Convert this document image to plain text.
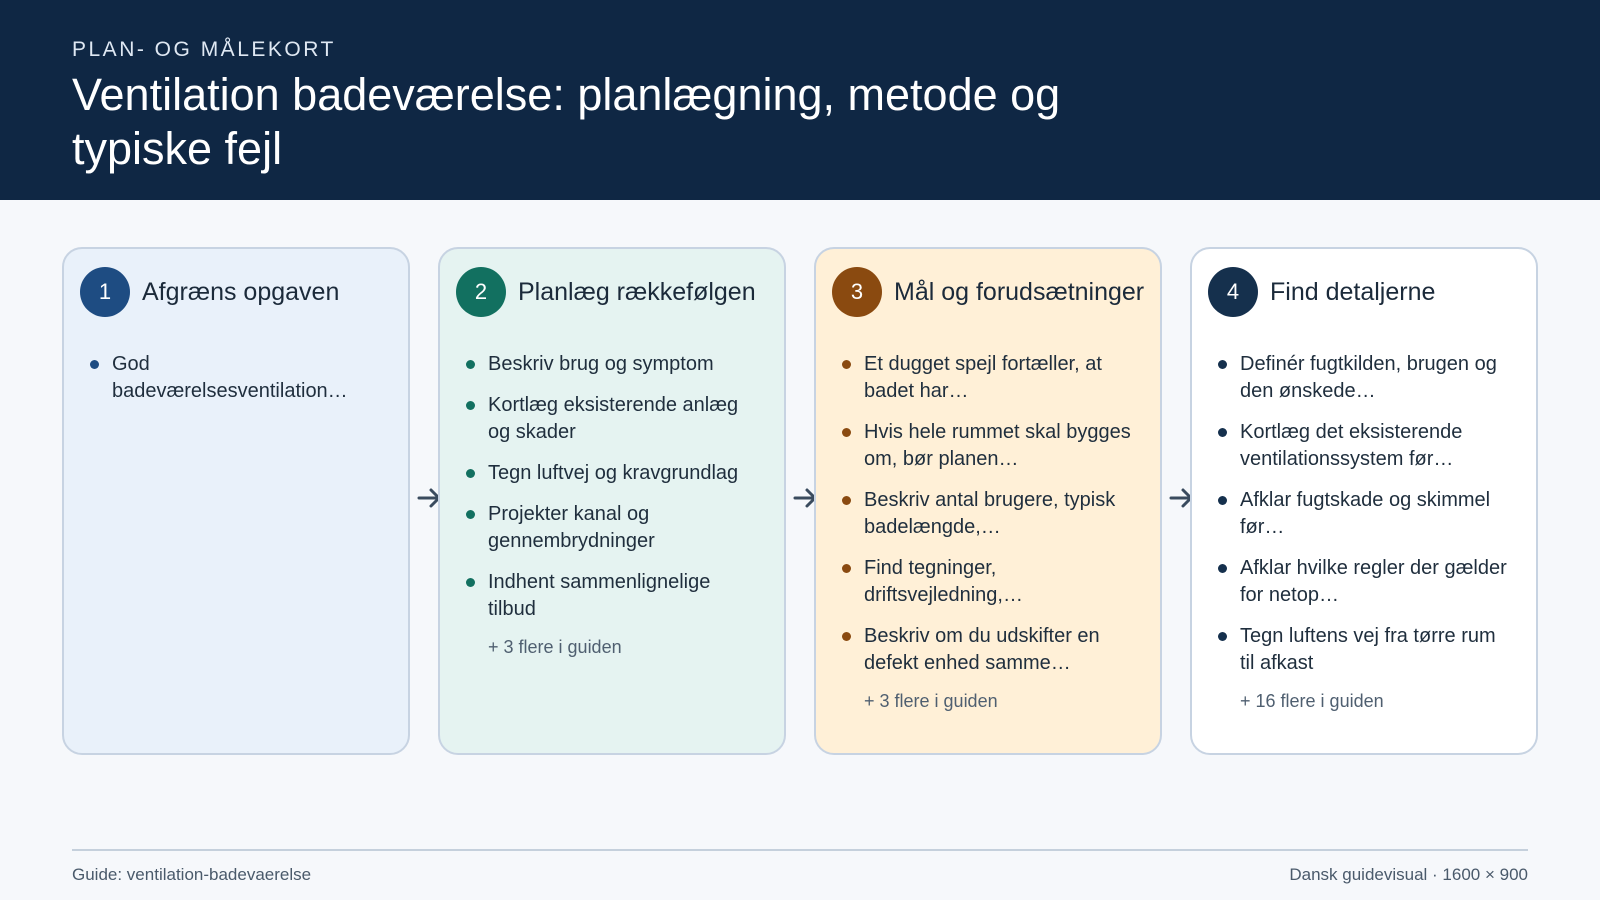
PLAN- OG MÅLEKORT
Ventilation badeværelse: planlægning, metode og typiske fejl
1	Afgræns opgaven
God badeværelsesventilation…
2	Planlæg rækkefølgen
Beskriv brug og symptom
Kortlæg eksisterende anlæg og skader
Tegn luftvej og kravgrundlag
Projekter kanal og gennembrydninger
Indhent sammenlignelige tilbud
+ 3 flere i guiden
3	Mål og forudsætninger
Et dugget spejl fortæller, at badet har…
Hvis hele rummet skal bygges om, bør planen…
Beskriv antal brugere, typisk badelængde,…
Find tegninger, driftsvejledning,…
Beskriv om du udskifter en defekt enhed samme…
+ 3 flere i guiden
4	Find detaljerne
Definér fugtkilden, brugen og den ønskede…
Kortlæg det eksisterende ventilationssystem før…
Afklar fugtskade og skimmel før…
Afklar hvilke regler der gælder for netop…
Tegn luftens vej fra tørre rum til afkast
+ 16 flere i guiden
Guide: ventilation-badevaerelse	Dansk guidevisual · 1600 × 900
